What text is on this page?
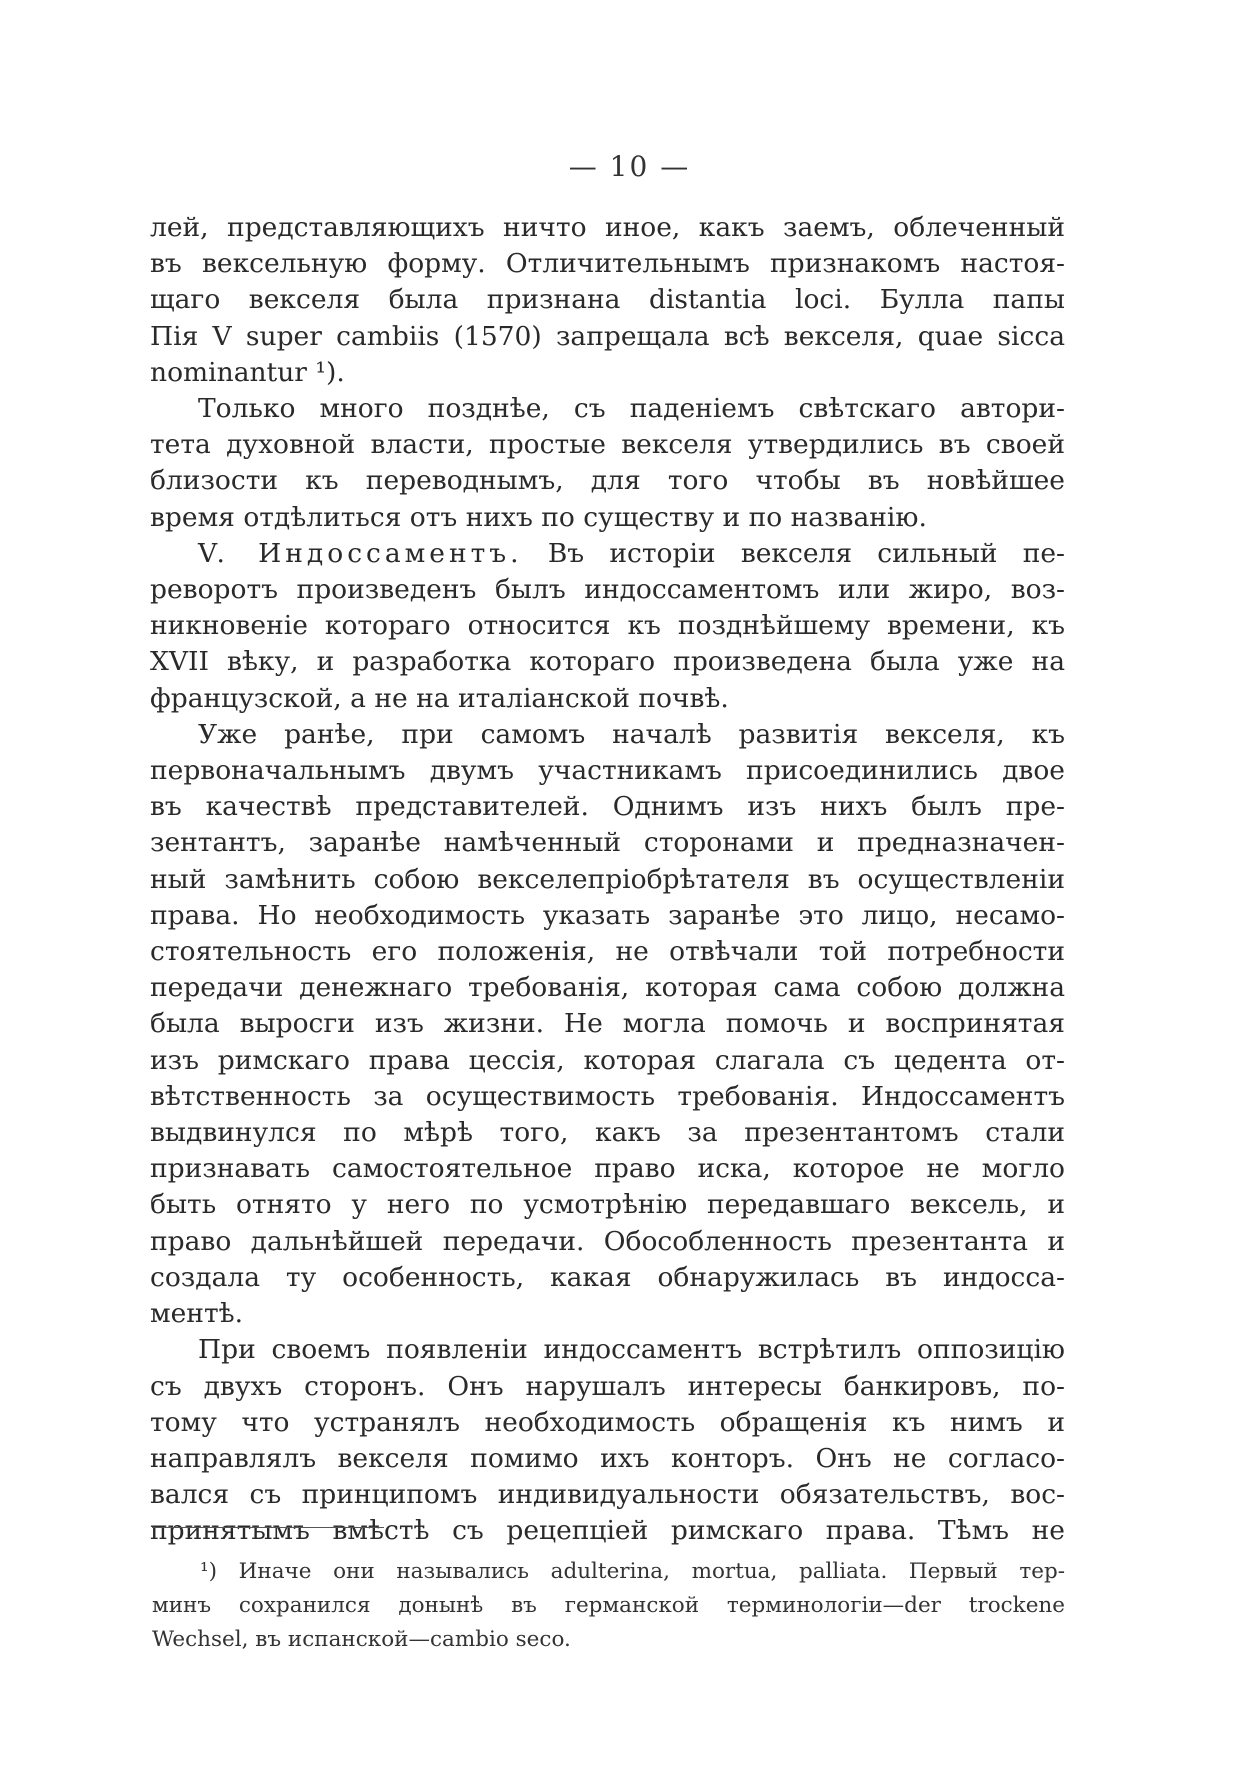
— 10 —
лей, представляющихъ ничто иное, какъ заемъ, облеченный
въ вексельную форму. Отличительнымъ признакомъ настоя-
щаго векселя была признана distantia loci. Булла папы
Пія V super cambiis (1570) запрещала всѣ векселя, quae sicca
nominantur ¹).
Только много позднѣе, съ паденіемъ свѣтскаго автори-
тета духовной власти, простые векселя утвердились въ своей
близости къ переводнымъ, для того чтобы въ новѣйшее
время отдѣлиться отъ нихъ по существу и по названію.
V. Индоссаментъ. Въ исторіи векселя сильный пе-
реворотъ произведенъ былъ индоссаментомъ или жиро, воз-
никновеніе котораго относится къ позднѣйшему времени, къ
XVII вѣку, и разработка котораго произведена была уже на
французской, а не на италіанской почвѣ.
Уже ранѣе, при самомъ началѣ развитія векселя, къ
первоначальнымъ двумъ участникамъ присоединились двое
въ качествѣ представителей. Однимъ изъ нихъ былъ пре-
зентантъ, заранѣе намѣченный сторонами и предназначен-
ный замѣнить собою векселепріобрѣтателя въ осуществленіи
права. Но необходимость указать заранѣе это лицо, несамо-
стоятельность его положенія, не отвѣчали той потребности
передачи денежнаго требованія, которая сама собою должна
была выросги изъ жизни. Не могла помочь и воспринятая
изъ римскаго права цессія, которая слагала съ цедента от-
вѣтственность за осуществимость требованія. Индоссаментъ
выдвинулся по мѣрѣ того, какъ за презентантомъ стали
признавать самостоятельное право иска, которое не могло
быть отнято у него по усмотрѣнію передавшаго вексель, и
право дальнѣйшей передачи. Обособленность презентанта и
создала ту особенность, какая обнаружилась въ индосса-
ментѣ.
При своемъ появленіи индоссаментъ встрѣтилъ оппозицію
съ двухъ сторонъ. Онъ нарушалъ интересы банкировъ, по-
тому что устранялъ необходимость обращенія къ нимъ и
направлялъ векселя помимо ихъ конторъ. Онъ не согласо-
вался съ принципомъ индивидуальности обязательствъ, вос-
принятымъ вмѣстѣ съ рецепціей римскаго права. Тѣмъ не
¹) Иначе они назывались adulterina, mortua, palliata. Первый тер-
минъ сохранился донынѣ въ германской терминологіи—der trockene
Wechsel, въ испанской—cambio seco.
